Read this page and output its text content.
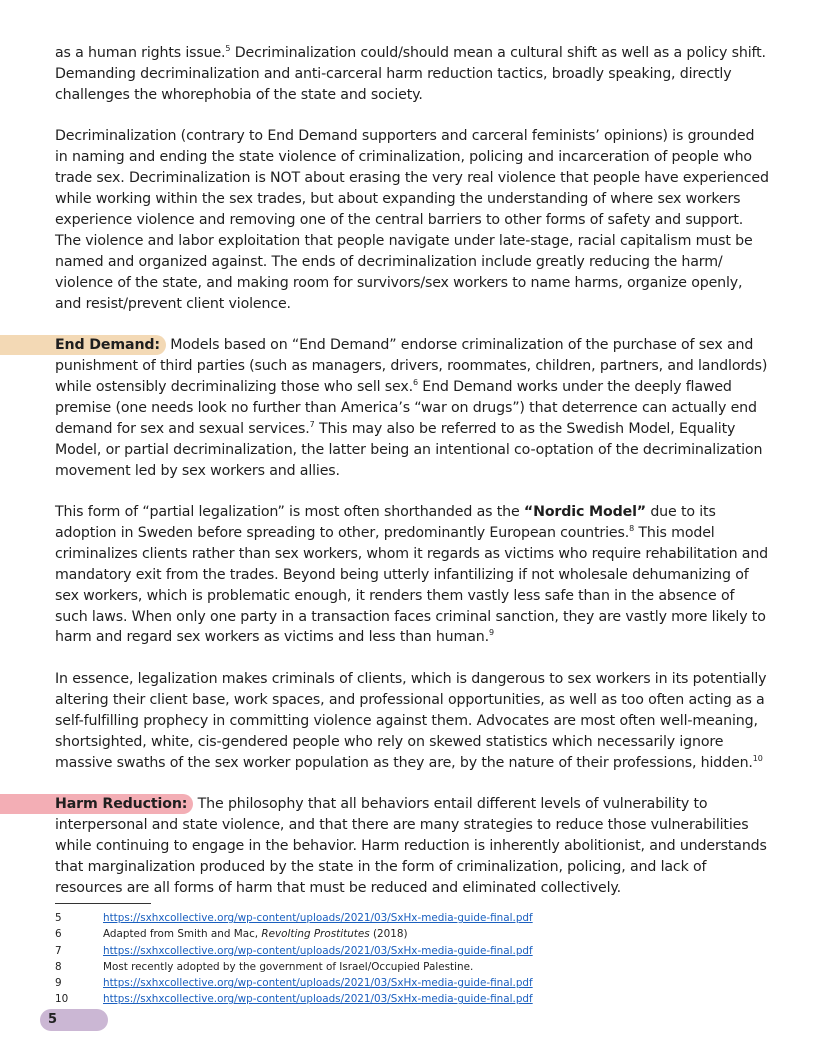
as a human rights issue.$^5$ Decriminalization could/should mean a cultural shift as well as a policy shift. Demanding decriminalization and anti-carceral harm reduction tactics, broadly speaking, directly challenges the whorephobia of the state and society.

Decriminalization (contrary to End Demand supporters and carceral feminists’ opinions) is grounded in naming and ending the state violence of criminalization, policing and incarceration of people who trade sex. Decriminalization is NOT about erasing the very real violence that people have experienced while working within the sex trades, but about expanding the understanding of where sex workers experience violence and removing one of the central barriers to other forms of safety and support. The violence and labor exploitation that people navigate under late-stage, racial capitalism must be named and organized against. The ends of decriminalization include greatly reducing the harm/ violence of the state, and making room for survivors/sex workers to name harms, organize openly, and resist/prevent client violence.

End Demand: Models based on “End Demand” endorse criminalization of the purchase of sex and punishment of third parties (such as managers, drivers, roommates, children, partners, and landlords) while ostensibly decriminalizing those who sell sex.$^6$ End Demand works under the deeply flawed premise (one needs look no further than America’s “war on drugs”) that deterrence can actually end demand for sex and sexual services.$^7$ This may also be referred to as the Swedish Model, Equality Model, or partial decriminalization, the latter being an intentional co-optation of the decriminalization movement led by sex workers and allies.

This form of “partial legalization” is most often shorthanded as the “Nordic Model” due to its adoption in Sweden before spreading to other, predominantly European countries.$^8$ This model criminalizes clients rather than sex workers, whom it regards as victims who require rehabilitation and mandatory exit from the trades. Beyond being utterly infantilizing if not wholesale dehumanizing of sex workers, which is problematic enough, it renders them vastly less safe than in the absence of such laws. When only one party in a transaction faces criminal sanction, they are vastly more likely to harm and regard sex workers as victims and less than human.$^9$

In essence, legalization makes criminals of clients, which is dangerous to sex workers in its potentially altering their client base, work spaces, and professional opportunities, as well as too often acting as a self-fulfilling prophecy in committing violence against them. Advocates are most often well-meaning, shortsighted, white, cis-gendered people who rely on skewed statistics which necessarily ignore massive swaths of the sex worker population as they are, by the nature of their professions, hidden.$^{10}$

Harm Reduction: The philosophy that all behaviors entail different levels of vulnerability to interpersonal and state violence, and that there are many strategies to reduce those vulnerabilities while continuing to engage in the behavior. Harm reduction is inherently abolitionist, and understands that marginalization produced by the state in the form of criminalization, policing, and lack of resources are all forms of harm that must be reduced and eliminated collectively.

5	https://sxhxcollective.org/wp-content/uploads/2021/03/SxHx-media-guide-final.pdf
6	Adapted from Smith and Mac, Revolting Prostitutes (2018)
7	https://sxhxcollective.org/wp-content/uploads/2021/03/SxHx-media-guide-final.pdf
8	Most recently adopted by the government of Israel/Occupied Palestine.
9	https://sxhxcollective.org/wp-content/uploads/2021/03/SxHx-media-guide-final.pdf
10	https://sxhxcollective.org/wp-content/uploads/2021/03/SxHx-media-guide-final.pdf
5
